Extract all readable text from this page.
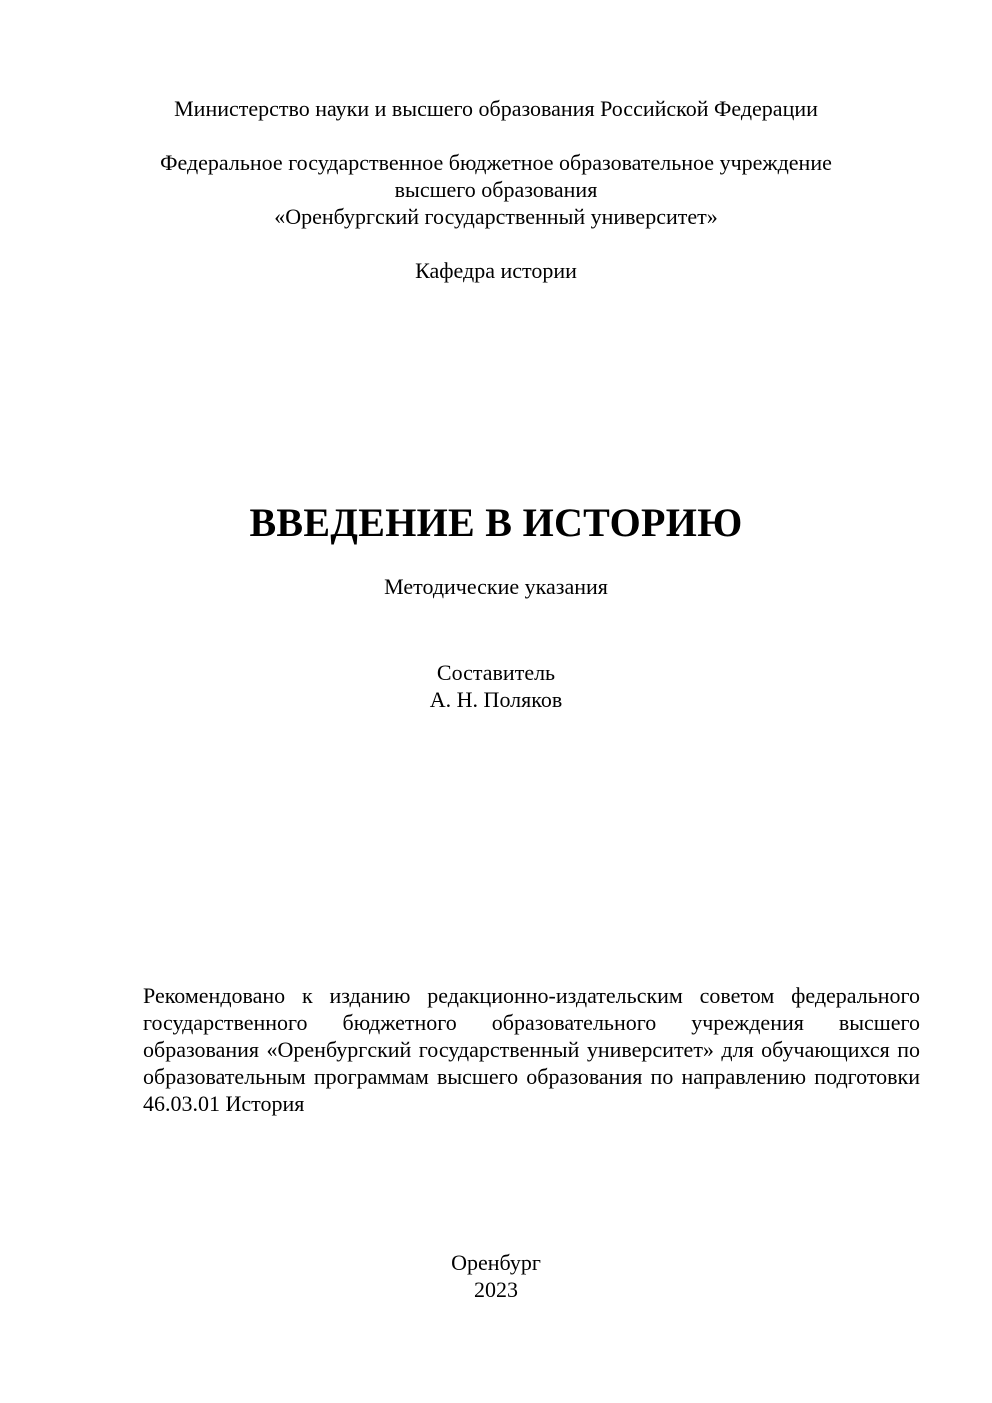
Министерство науки и высшего образования Российской Федерации
Федеральное государственное бюджетное образовательное учреждение
высшего образования
«Оренбургский государственный университет»
Кафедра истории
ВВЕДЕНИЕ В ИСТОРИЮ
Методические указания
Составитель
А. Н. Поляков
Рекомендовано к изданию редакционно-издательским советом федерального государственного бюджетного образовательного учреждения высшего образования «Оренбургский государственный университет» для обучающихся по образовательным программам высшего образования по направлению подготовки 46.03.01 История
Оренбург
2023
